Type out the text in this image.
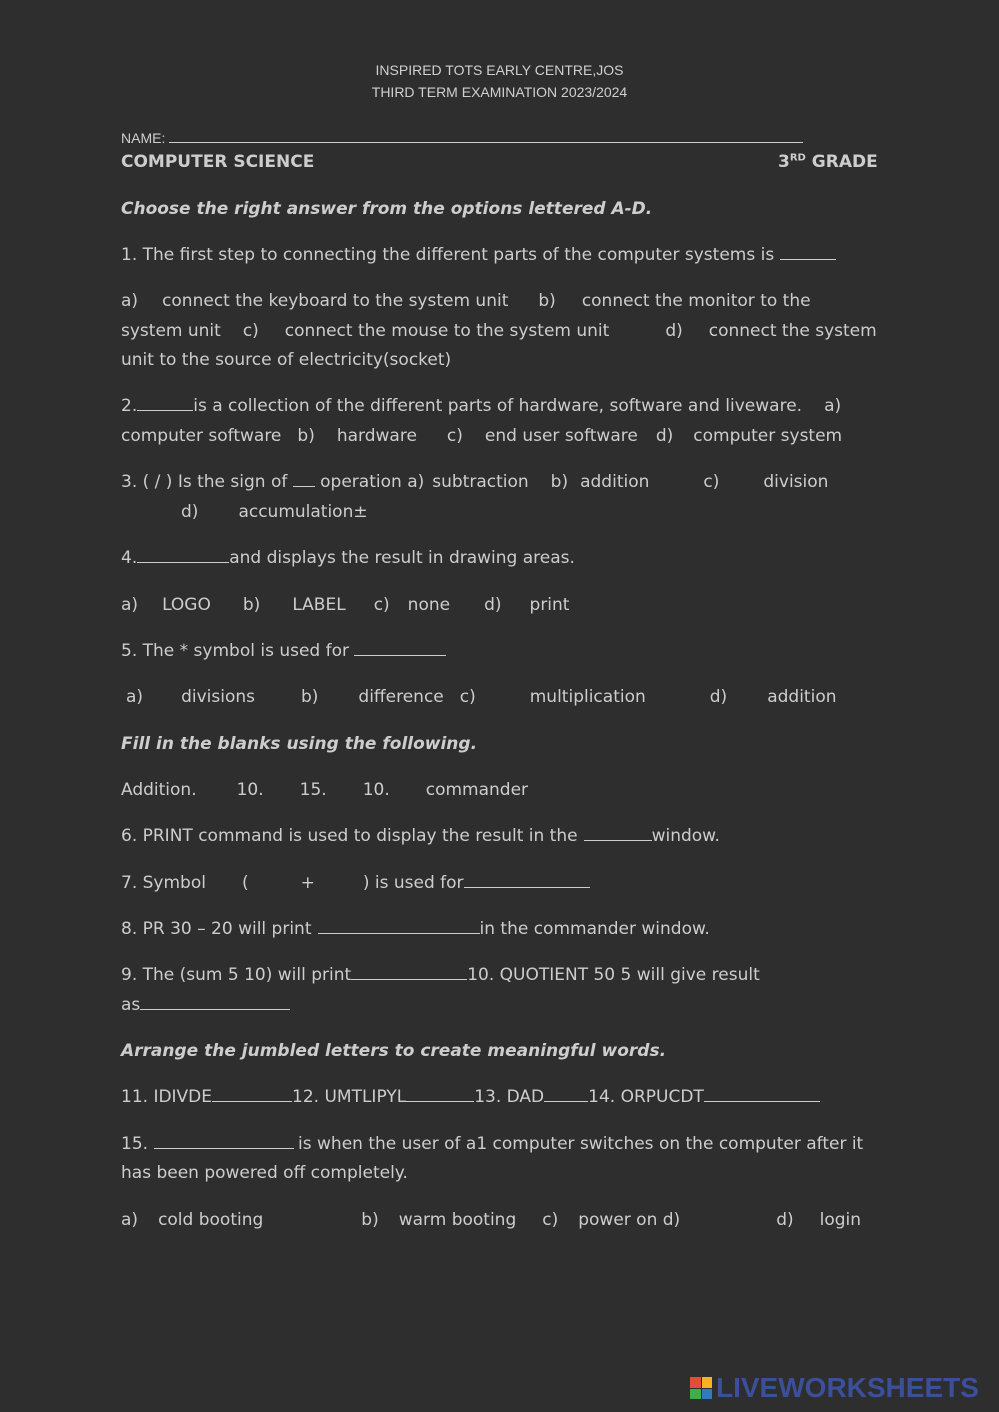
INSPIRED TOTS EARLY CENTRE,JOS
THIRD TERM EXAMINATION 2023/2024
NAME:
COMPUTER SCIENCE	3RD GRADE
Choose the right answer from the options lettered A-D.
1. The first step to connecting the different parts of the computer systems is
a) connect the keyboard to the system unit b) connect the monitor to the
system unit c) connect the mouse to the system unit	d) connect the system
unit to the source of electricity(socket)
2.	is a collection of the different parts of hardware, software and liveware. a)
computer software b) hardware c) end user software d) computer system
3. ( / ) Is the sign of operation a) subtraction b) addition	c)	division
d) accumulation±
4.	and displays the result in drawing areas.
a) LOGO b) LABEL c) none d) print
5. The * symbol is used for
a) divisions	b) difference c)	multiplication	d) addition
Fill in the blanks using the following.
Addition. 10. 15. 10. commander
6. PRINT command is used to display the result in the	window.
7. Symbol (	+	) is used for
8. PR 30 – 20 will print	in the commander window.
9. The (sum 5 10) will print	10. QUOTIENT 50 5 will give result
as
Arrange the jumbled letters to create meaningful words.
11. IDIVDE	12. UMTLIPYL	13. DAD	14. ORPUCDT
15.	is when the user of a1 computer switches on the computer after it
has been powered off completely.
a) cold booting	b) warm booting c) power on d)	d) login
LIVEWORKSHEETS
